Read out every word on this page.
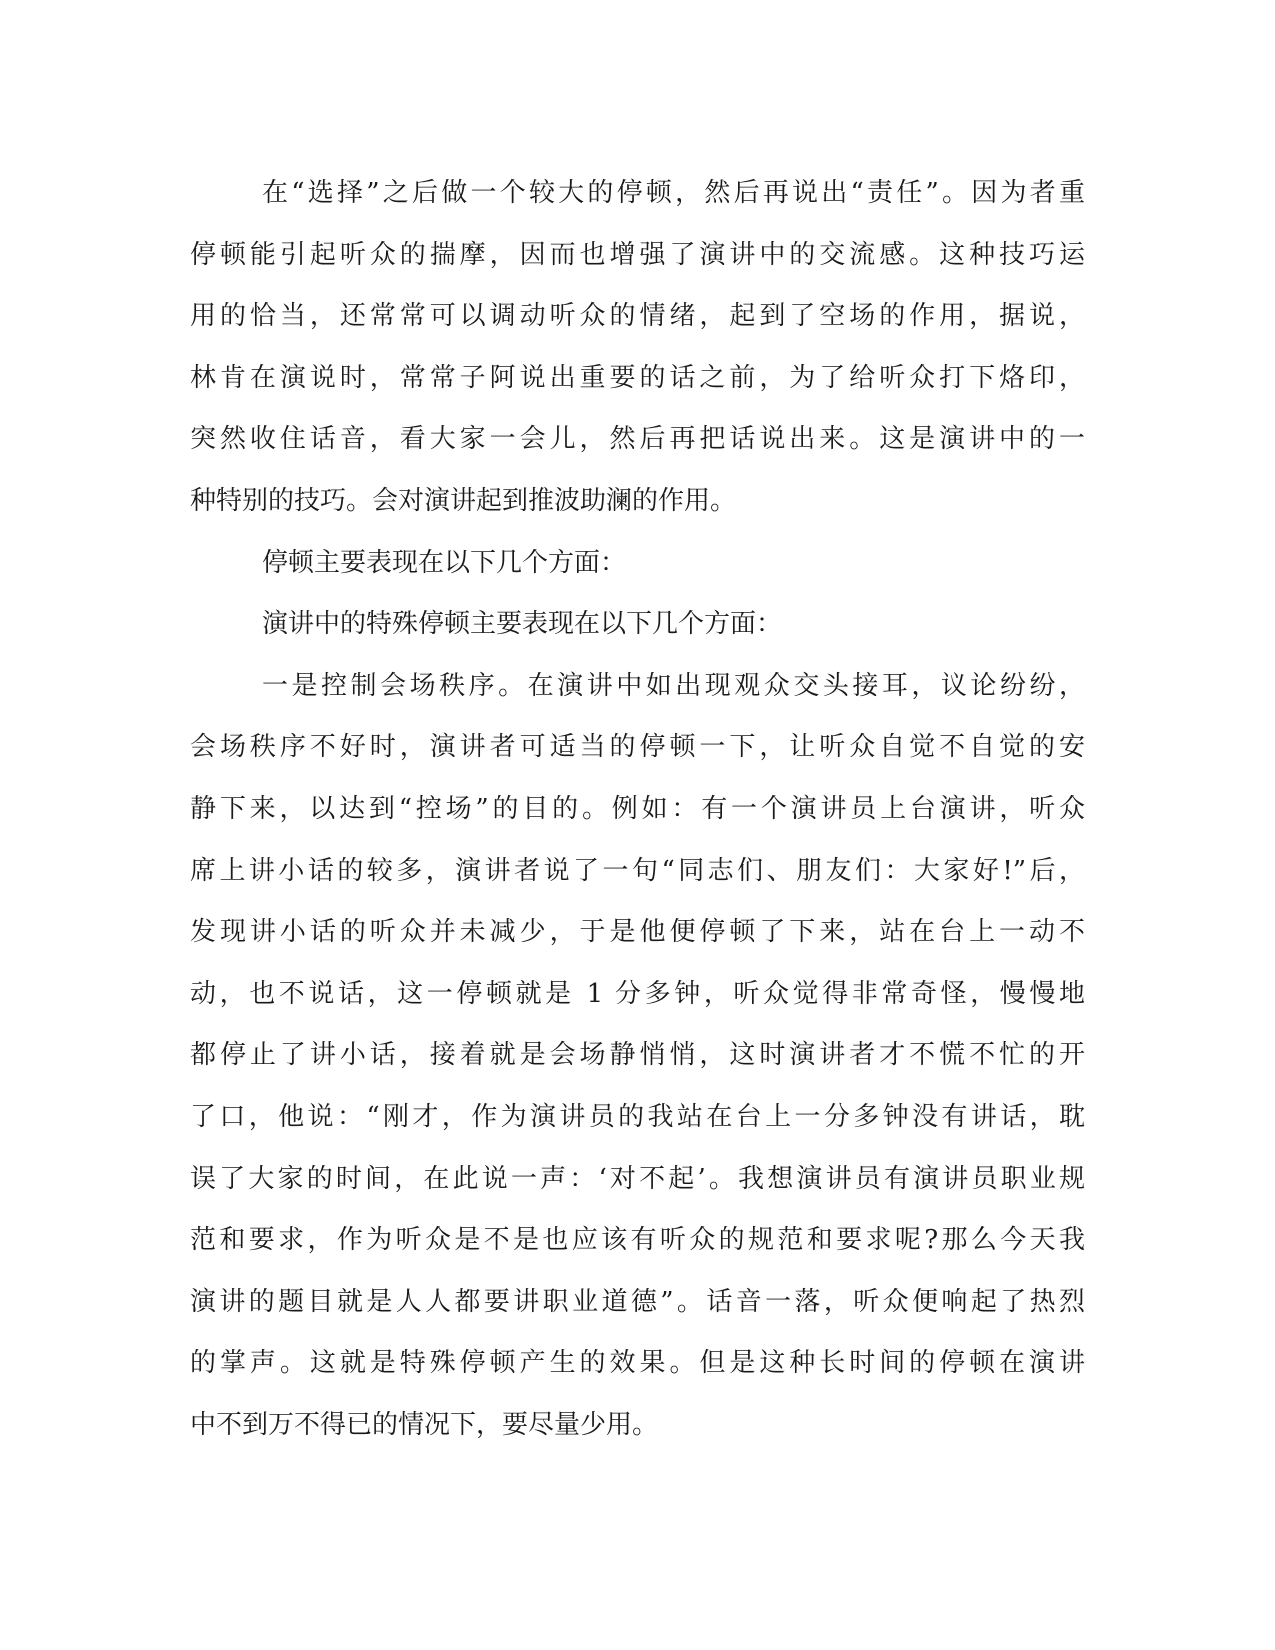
在“选择”之后做一个较大的停顿，然后再说出“责任”。因为者重
停顿能引起听众的揣摩，因而也增强了演讲中的交流感。这种技巧运
用的恰当，还常常可以调动听众的情绪，起到了空场的作用，据说，
林肯在演说时，常常子阿说出重要的话之前，为了给听众打下烙印，
突然收住话音，看大家一会儿，然后再把话说出来。这是演讲中的一
种特别的技巧。会对演讲起到推波助澜的作用。
停顿主要表现在以下几个方面：
演讲中的特殊停顿主要表现在以下几个方面：
一是控制会场秩序。在演讲中如出现观众交头接耳，议论纷纷，
会场秩序不好时，演讲者可适当的停顿一下，让听众自觉不自觉的安
静下来，以达到“控场”的目的。例如：有一个演讲员上台演讲，听众
席上讲小话的较多，演讲者说了一句“同志们、朋友们：大家好!”后，
发现讲小话的听众并未减少，于是他便停顿了下来，站在台上一动不
动，也不说话，这一停顿就是 1 分多钟，听众觉得非常奇怪，慢慢地
都停止了讲小话，接着就是会场静悄悄，这时演讲者才不慌不忙的开
了口，他说：“刚才，作为演讲员的我站在台上一分多钟没有讲话，耽
误了大家的时间，在此说一声：‘对不起’。我想演讲员有演讲员职业规
范和要求，作为听众是不是也应该有听众的规范和要求呢?那么今天我
演讲的题目就是人人都要讲职业道德”。话音一落，听众便响起了热烈
的掌声。这就是特殊停顿产生的效果。但是这种长时间的停顿在演讲
中不到万不得已的情况下，要尽量少用。
